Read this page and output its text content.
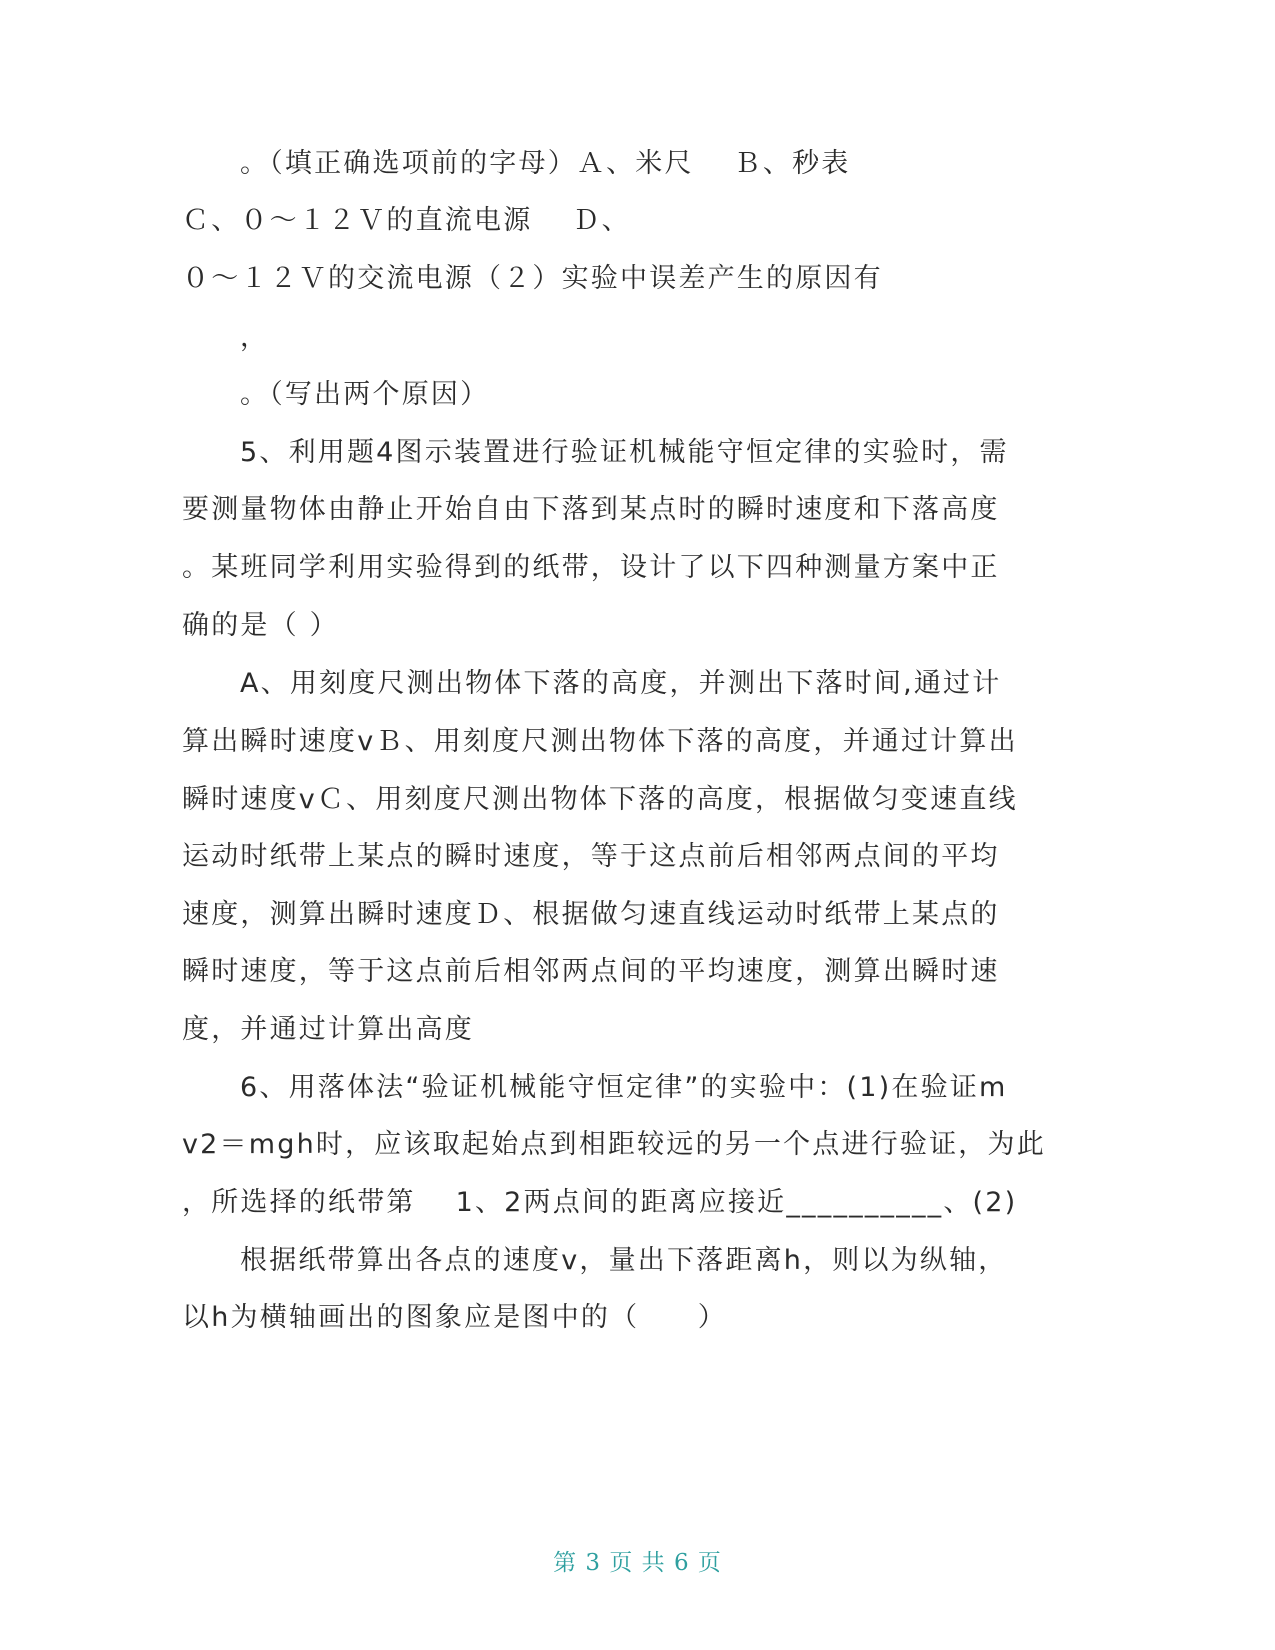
。（填正确选项前的字母）Ａ、米尺　 Ｂ、秒表
Ｃ、０～１２Ｖ的直流电源　 Ｄ、
０～１２Ｖ的交流电源（２）实验中误差产生的原因有
，
。（写出两个原因）
5、利用题4图示装置进行验证机械能守恒定律的实验时，需
要测量物体由静止开始自由下落到某点时的瞬时速度和下落高度
。某班同学利用实验得到的纸带，设计了以下四种测量方案中正
确的是（ ）
A、用刻度尺测出物体下落的高度，并测出下落时间,通过计
算出瞬时速度vＢ、用刻度尺测出物体下落的高度，并通过计算出
瞬时速度vＣ、用刻度尺测出物体下落的高度，根据做匀变速直线
运动时纸带上某点的瞬时速度，等于这点前后相邻两点间的平均
速度，测算出瞬时速度Ｄ、根据做匀速直线运动时纸带上某点的
瞬时速度，等于这点前后相邻两点间的平均速度，测算出瞬时速
度，并通过计算出高度
6、用落体法“验证机械能守恒定律”的实验中：(1)在验证m
v2＝mgh时，应该取起始点到相距较远的另一个点进行验证，为此
，所选择的纸带第　 1、2两点间的距离应接近__________、(2)
根据纸带算出各点的速度v，量出下落距离h，则以为纵轴，
以h为横轴画出的图象应是图中的（　　）
第 3 页 共 6 页
